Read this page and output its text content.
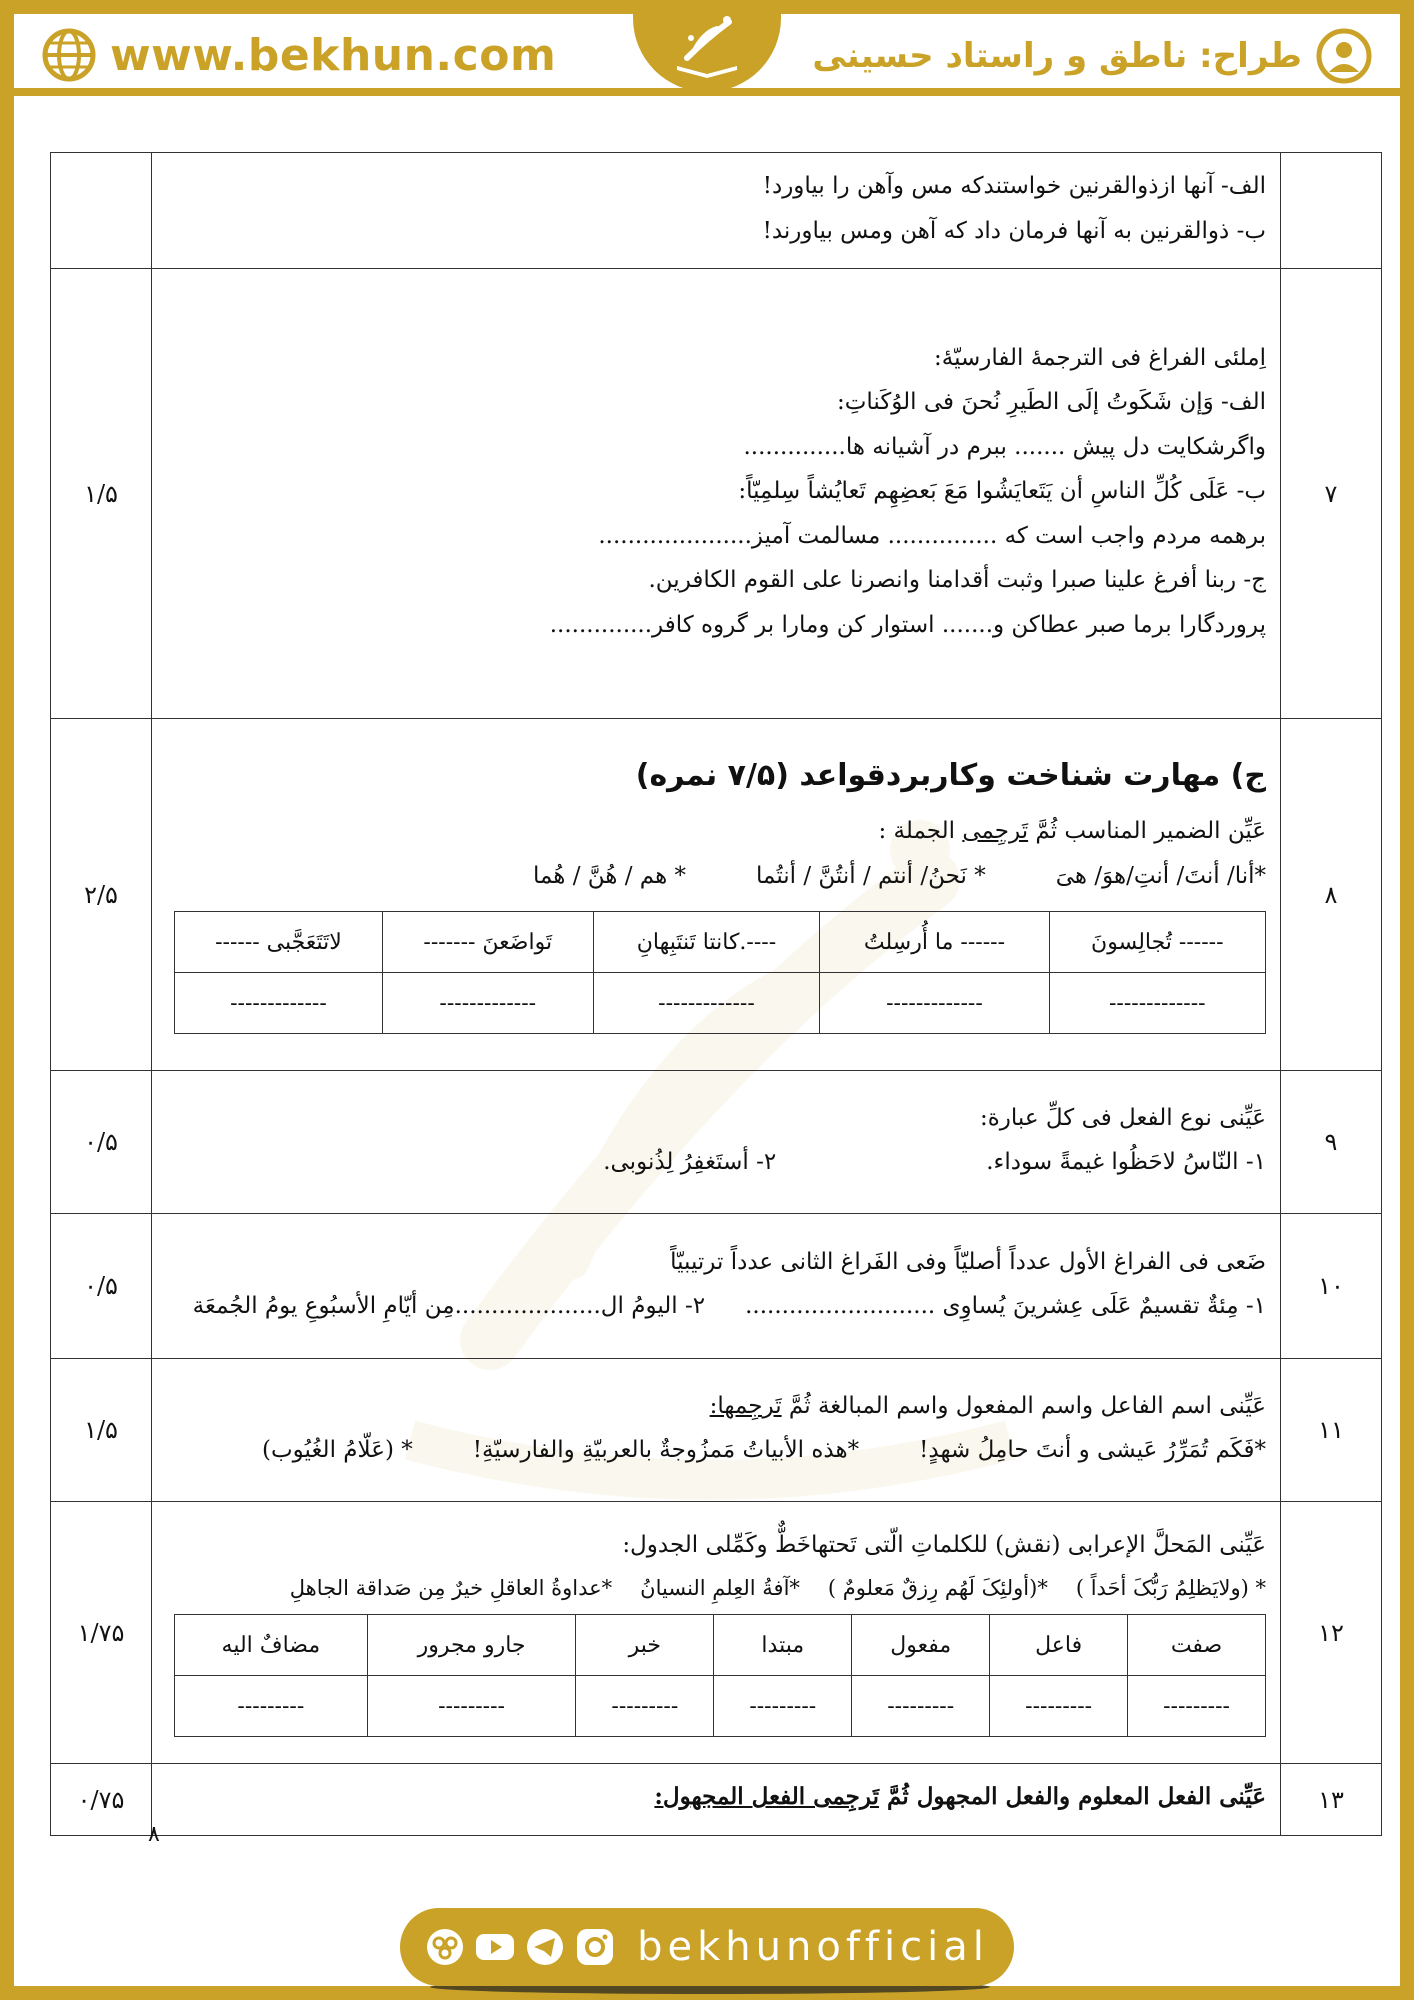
www.bekhun.com	طراح: ناطق و راستاد حسینی

الف- آنها ازذوالقرنین خواستندکه مس وآهن را بیاورد!
ب- ذوالقرنین به آنها فرمان داد که آهن ومس بیاورند!

۷	
اِملئی الفراغ فی الترجمهٔ الفارسیّهٔ:
الف- وَإن شَکَوتُ إلَی الطَیرِ نُحنَ فی الوُکَناتِ:
واگرشکایت دل پیش ....... ببرم در آشیانه ها..............
ب- عَلَی کُلِّ الناسِ أن یَتَعایَشُوا مَعَ بَعضِهِم تَعایُشاً سِلمِیّاً:
برهمه مردم واجب است که ............... مسالمت آمیز.....................
ج- ربنا أفرغ علینا صبرا وثبت أقدامنا وانصرنا علی القوم الکافرین.
پروردگارا برما صبر عطاکن و....... استوار کن ومارا بر گروه کافر..............
	۱/۵
۸	
ج) مهارت شناخت وکاربردقواعد (۷/۵ نمره)
عَیِّن الضمیر المناسب ثُمَّ تَرجِمی الجملة :
*أنا/ أنتَ/ أنتِ/هوَ/ هیَ
* نَحنُ/ أنتم / أنتُنَّ / أنتُما
* هم / هُنَّ / هُما
------ تُجالِسونَ	------ ما أُرسِلتُ	----.کانتا تَنتَبِهانِ	تَواضَعنَ -------	لاتَتَعَجَّبی ------
-------------	-------------	-------------	-------------	-------------
	۲/۵
۹	
عَیِّنی نوع الفعل فی کلِّ عبارة:
۱- النّاسُ لاحَظُوا غیمةً سوداء.
۲- أستَغفِرُ لِذُنوبی.
	۰/۵
۱۰	
ضَعی فی الفراغ الأول عدداً أصلیّاً وفی الفَراغ الثانی عدداً ترتیبیّاً
۱- مِئةٌ تقسیمٌ عَلَی عِشرینَ یُساوِی ..........................
۲- الیومُ ال....................مِن أیّامِ الأسبُوعِ یومُ الجُمعَة
	۰/۵
۱۱	
عَیِّنی اسم الفاعل واسم المفعول واسم المبالغة ثُمَّ تَرجِمها:
*فَکَم تُمَرِّرُ عَیشی و أنتَ حامِلُ شهدٍ!
*هذه الأبیاتُ مَمزُوجةٌ بالعربیّةِ والفارسیّةِ!
* (عَلّامُ الغُیُوب)
	۱/۵
۱۲	
عَیِّنی المَحلَّ الإعرابی (نقش) للکلماتِ الّتی تَحتهاخَطٌّ وکَمِّلی الجدول:
* (ولایَظلِمُ رَبُّکَ أحَداً )
*(أولئِکَ لَهُم رِزقٌ مَعلومٌ )
*آفةُ العِلمِ النسیانُ
*عداوةُ العاقلِ خیرٌ مِن صَداقة الجاهلِ
صفت	فاعل	مفعول	مبتدا	خبر	جارو مجرور	مضافٌ الیه
---------	---------	---------	---------	---------	---------	---------
	۱/۷۵
۱۳	
عَیِّنی الفعل المعلوم والفعل المجهول ثُمَّ تَرجِمی الفعل المجهول:
	۰/۷۵
۸
bekhunofficial
